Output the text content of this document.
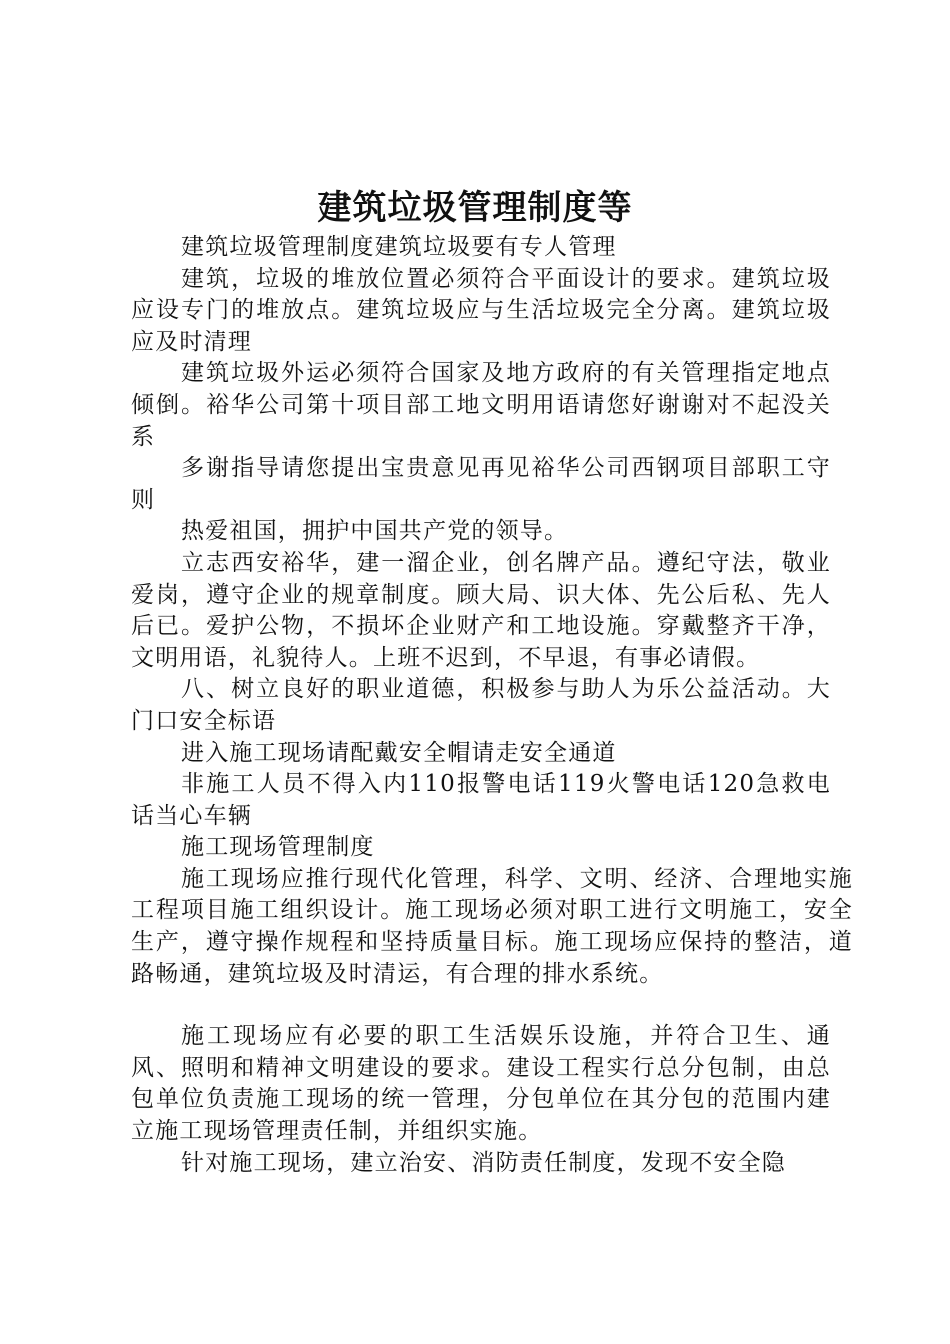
建筑垃圾管理制度等

建筑垃圾管理制度建筑垃圾要有专人管理

建筑，垃圾的堆放位置必须符合平面设计的要求。建筑垃圾应设专门的堆放点。建筑垃圾应与生活垃圾完全分离。建筑垃圾应及时清理

建筑垃圾外运必须符合国家及地方政府的有关管理指定地点倾倒。裕华公司第十项目部工地文明用语请您好谢谢对不起没关系

多谢指导请您提出宝贵意见再见裕华公司西钢项目部职工守则

热爱祖国，拥护中国共产党的领导。

立志西安裕华，建一溜企业，创名牌产品。遵纪守法，敬业爱岗，遵守企业的规章制度。顾大局、识大体、先公后私、先人后已。爱护公物，不损坏企业财产和工地设施。穿戴整齐干净，文明用语，礼貌待人。上班不迟到，不早退，有事必请假。

八、树立良好的职业道德，积极参与助人为乐公益活动。大门口安全标语

进入施工现场请配戴安全帽请走安全通道

非施工人员不得入内110报警电话119火警电话120急救电话当心车辆

施工现场管理制度

施工现场应推行现代化管理，科学、文明、经济、合理地实施工程项目施工组织设计。施工现场必须对职工进行文明施工，安全生产，遵守操作规程和坚持质量目标。施工现场应保持的整洁，道路畅通，建筑垃圾及时清运，有合理的排水系统。

施工现场应有必要的职工生活娱乐设施，并符合卫生、通风、照明和精神文明建设的要求。建设工程实行总分包制，由总包单位负责施工现场的统一管理，分包单位在其分包的范围内建立施工现场管理责任制，并组织实施。

针对施工现场，建立治安、消防责任制度，发现不安全隐
